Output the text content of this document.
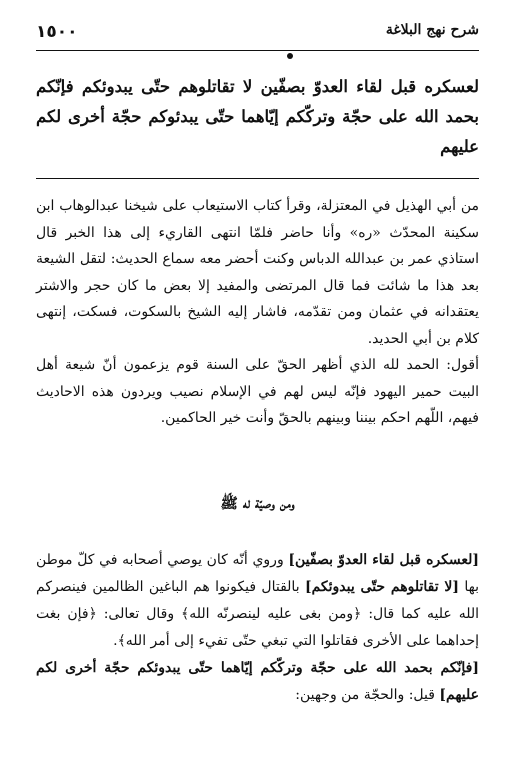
١٥٠٠	شرح نهج البلاغة

لعسكره قبل لقاء العدوّ بصفّين لا تقاتلوهم حتّى يبدوئكم فإنّكم بحمد الله على حجّة وتركّكم إيّاهما حتّى يبدئوكم حجّة أخرى لكم عليهم

من أبي الهذيل في المعتزلة، وقرأ كتاب الاستيعاب على شيخنا عبدالوهاب ابن سكينة المحدّث «ره» وأنا حاضر فلمّا انتهى القاريء إلى هذا الخبر قال استاذي عمر بن عبدالله الدباس وكنت أحضر معه سماع الحديث: لتقل الشيعة بعد هذا ما شائت فما قال المرتضى والمفيد إلا بعض ما كان حجر والاشتر يعتقدانه في عثمان ومن تقدّمه، فاشار إليه الشيخ بالسكوت، فسكت، إنتهى كلام بن أبي الحديد.

أقول: الحمد لله الذي أظهر الحقّ على السنة قوم يزعمون أنّ شيعة أهل البيت حمير اليهود فإنّه ليس لهم في الإسلام نصيب ويردون هذه الاحاديث فيهم، اللّهم احكم بيننا وبينهم بالحقّ وأنت خير الحاكمين.

ومن وصيّة له ﷺ

[لعسكره قبل لقاء العدوّ بصفّين] وروي أنّه كان يوصي أصحابه في كلّ موطن بها [لا تقاتلوهم حتّى يبدوئكم] بالقتال فيكونوا هم الباغين الظالمين فينصركم الله عليه كما قال: ﴿ومن بغى عليه لينصرنّه الله﴾ وقال تعالى: ﴿فإن بغت إحداهما على الأخرى فقاتلوا التي تبغي حتّى تفيء إلى أمر الله﴾.

[فإنّكم بحمد الله على حجّة وتركّكم إيّاهما حتّى يبدوئكم حجّة أخرى لكم عليهم] قيل: والحجّة من وجهين:
